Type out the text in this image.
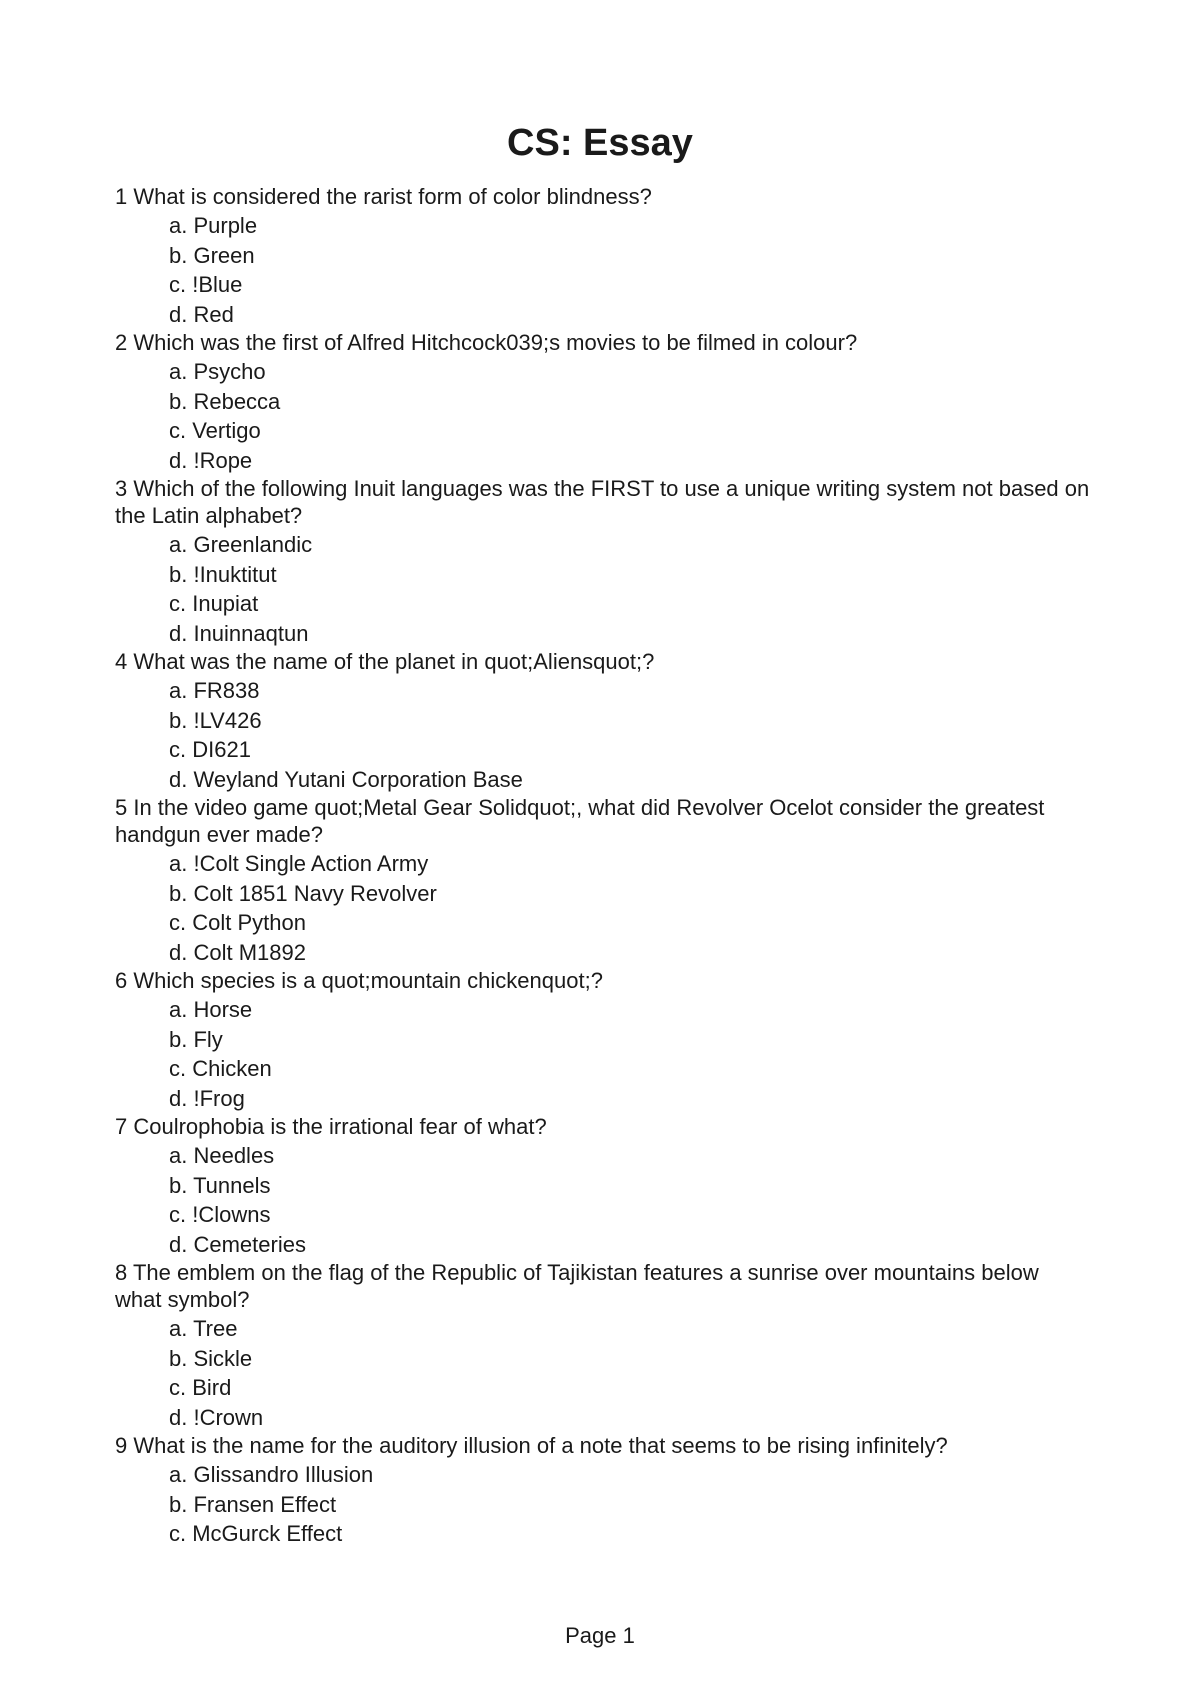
CS: Essay
1 What is considered the rarist form of color blindness?
a. Purple
b. Green
c. !Blue
d. Red
2 Which was the first of Alfred Hitchcock039;s movies to be filmed in colour?
a. Psycho
b. Rebecca
c. Vertigo
d. !Rope
3 Which of the following Inuit languages was the FIRST to use a unique writing system not based on the Latin alphabet?
a. Greenlandic
b. !Inuktitut
c. Inupiat
d. Inuinnaqtun
4 What was the name of the planet in quot;Aliensquot;?
a. FR838
b. !LV426
c. DI621
d. Weyland Yutani Corporation Base
5 In the video game quot;Metal Gear Solidquot;, what did Revolver Ocelot consider the greatest handgun ever made?
a. !Colt Single Action Army
b. Colt 1851 Navy Revolver
c. Colt Python
d. Colt M1892
6 Which species is a quot;mountain chickenquot;?
a. Horse
b. Fly
c. Chicken
d. !Frog
7 Coulrophobia is the irrational fear of what?
a. Needles
b. Tunnels
c. !Clowns
d. Cemeteries
8 The emblem on the flag of the Republic of Tajikistan features a sunrise over mountains below what symbol?
a. Tree
b. Sickle
c. Bird
d. !Crown
9 What is the name for the auditory illusion of a note that seems to be rising infinitely?
a. Glissandro Illusion
b. Fransen Effect
c. McGurck Effect
Page 1
